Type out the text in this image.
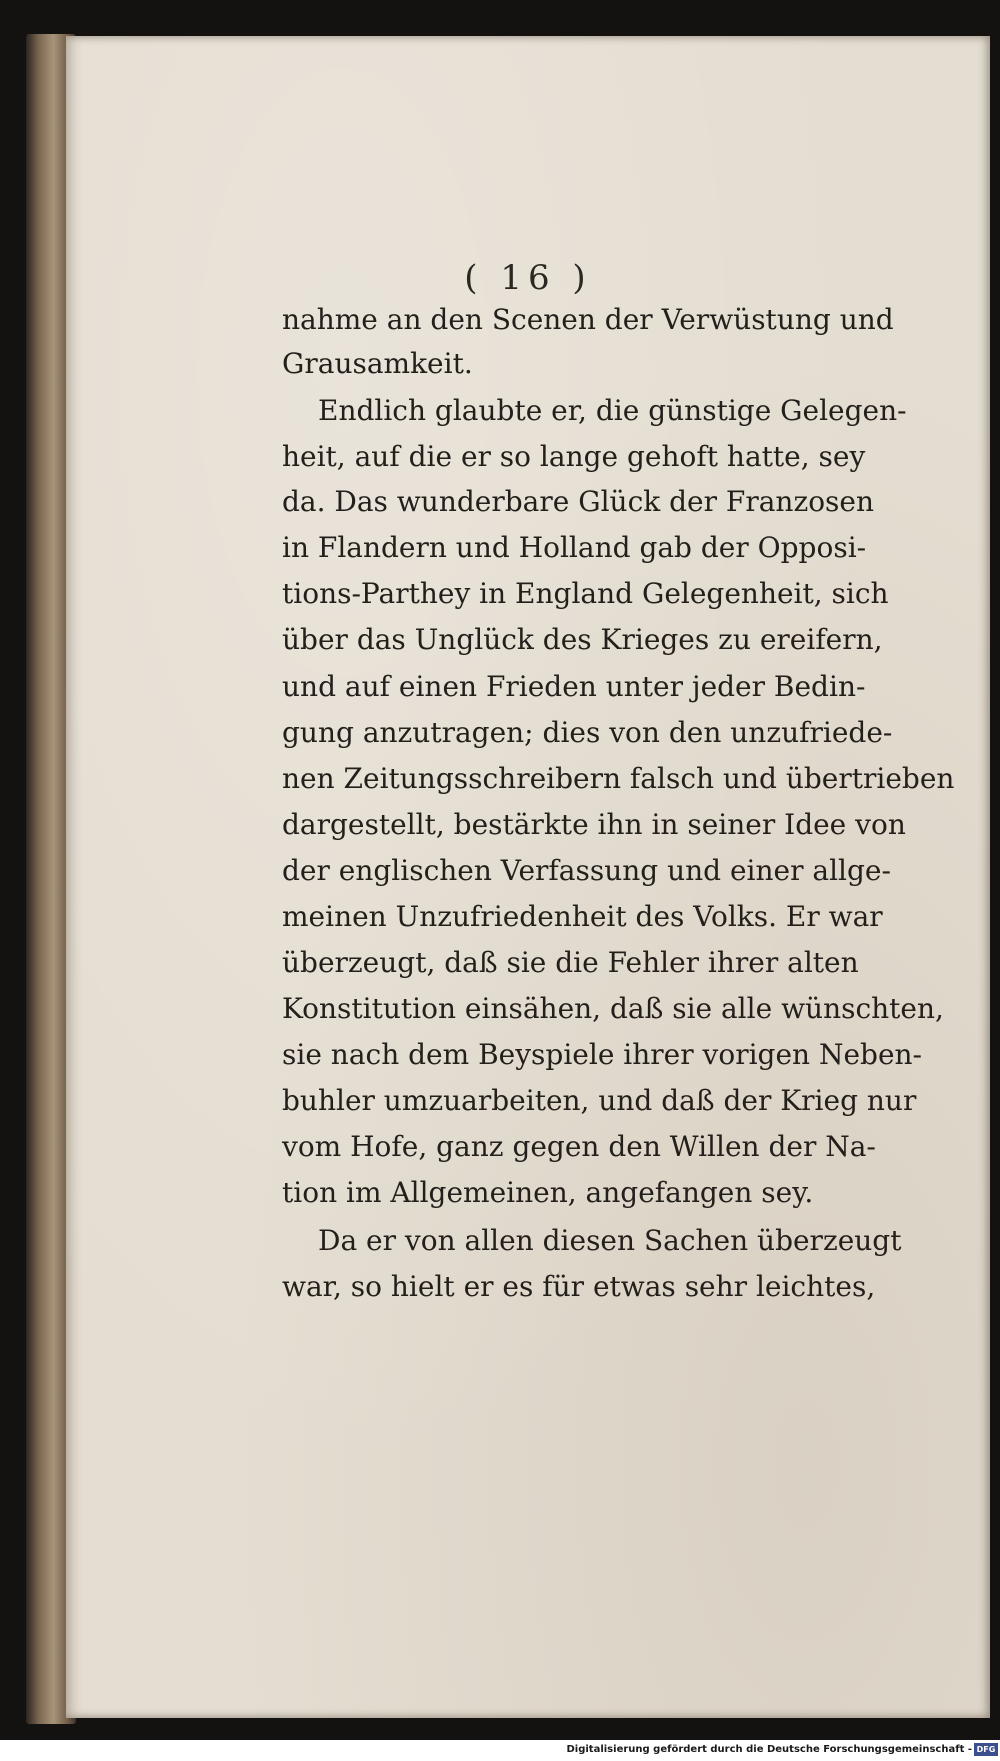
( 16 )
nahme an den Scenen der Verwüstung und
Grausamkeit.
Endlich glaubte er, die günstige Gelegen-
heit, auf die er so lange gehoft hatte, sey
da. Das wunderbare Glück der Franzosen
in Flandern und Holland gab der Opposi-
tions-Parthey in England Gelegenheit, sich
über das Unglück des Krieges zu ereifern,
und auf einen Frieden unter jeder Bedin-
gung anzutragen; dies von den unzufriede-
nen Zeitungsschreibern falsch und übertrieben
dargestellt, bestärkte ihn in seiner Idee von
der englischen Verfassung und einer allge-
meinen Unzufriedenheit des Volks. Er war
überzeugt, daß sie die Fehler ihrer alten
Konstitution einsähen, daß sie alle wünschten,
sie nach dem Beyspiele ihrer vorigen Neben-
buhler umzuarbeiten, und daß der Krieg nur
vom Hofe, ganz gegen den Willen der Na-
tion im Allgemeinen, angefangen sey.
Da er von allen diesen Sachen überzeugt
war, so hielt er es für etwas sehr leichtes,
Digitalisierung gefördert durch die Deutsche Forschungsgemeinschaft - DFG
